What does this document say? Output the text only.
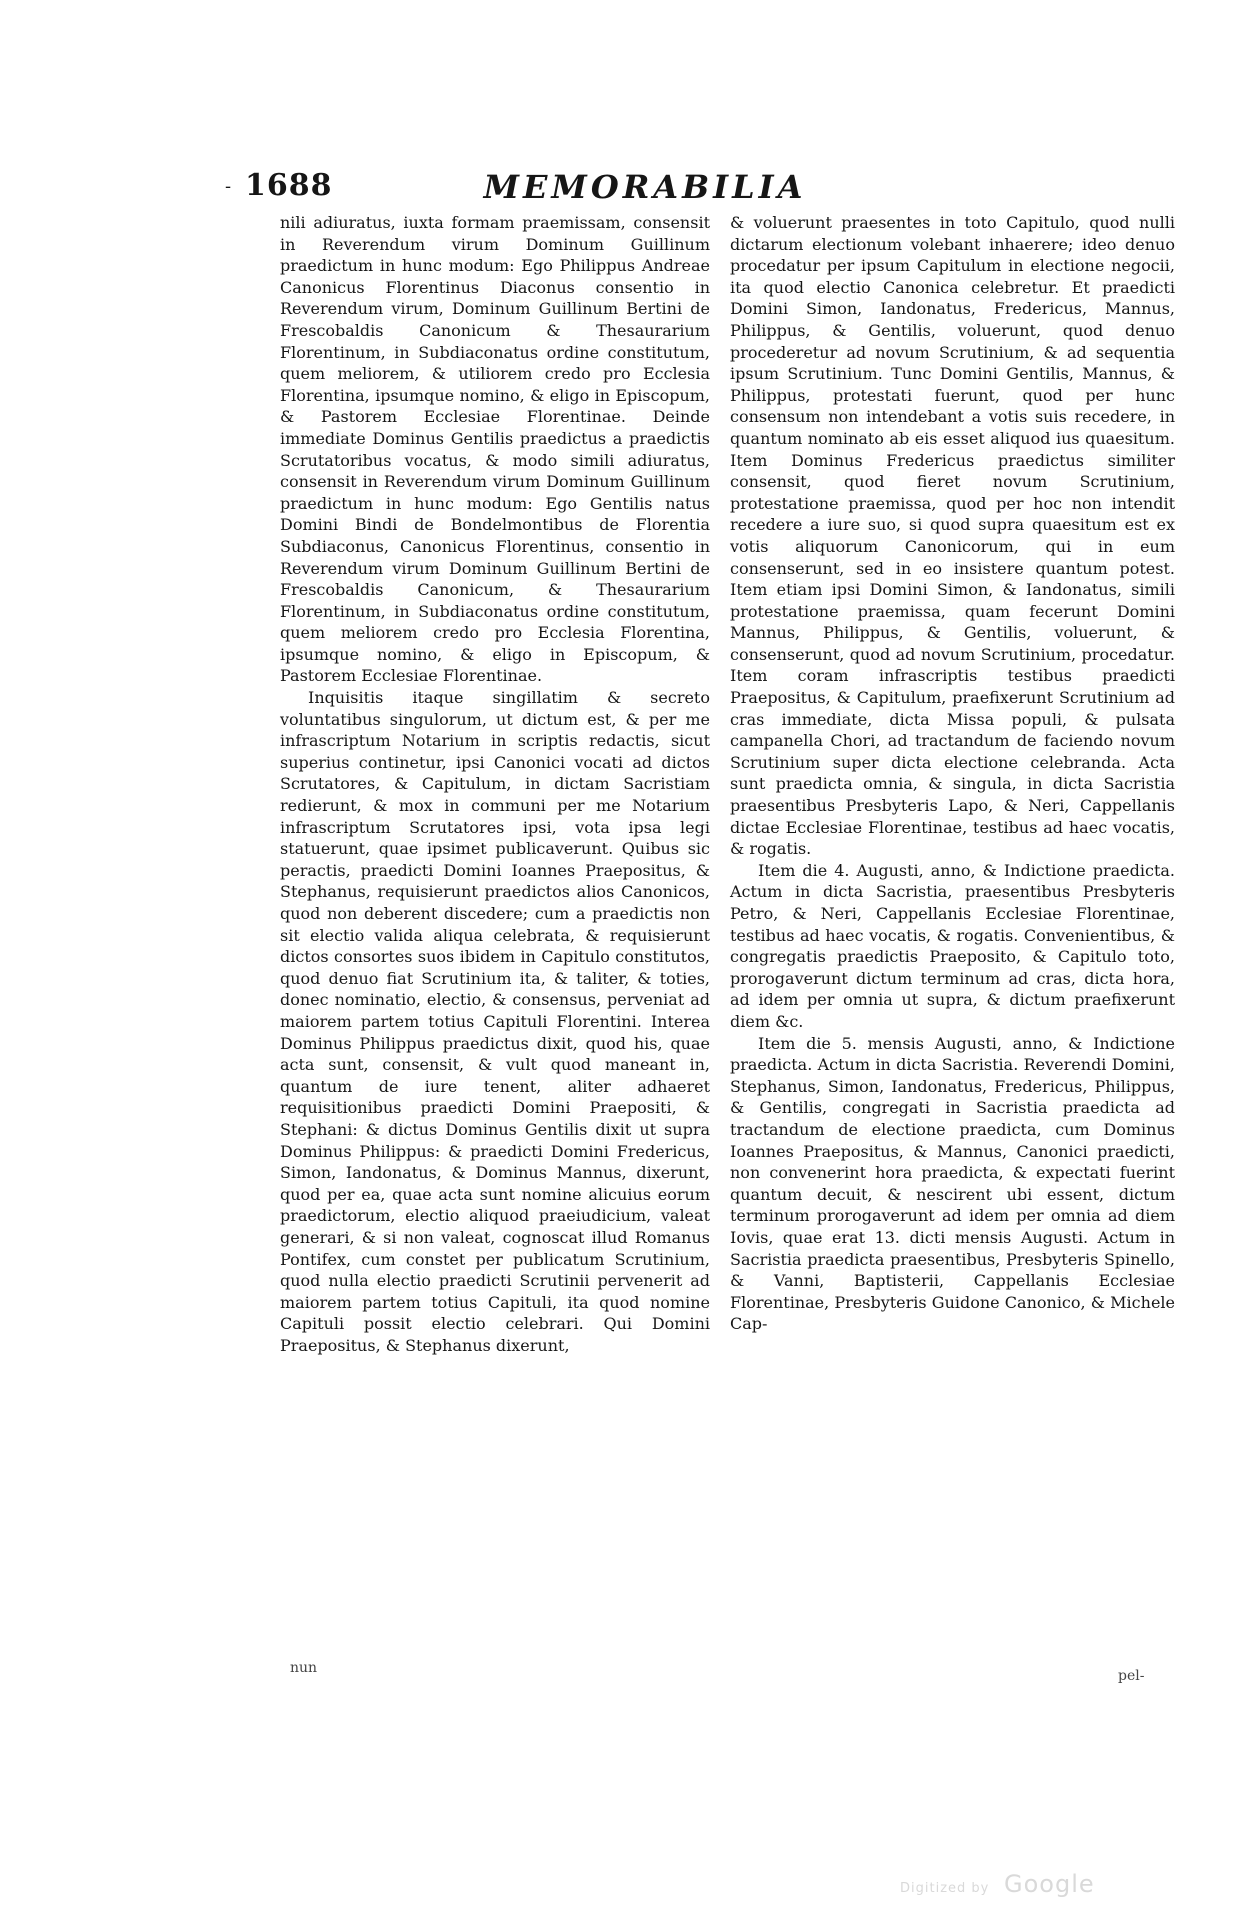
- 1688	MEMORABILIA

nili adiuratus, iuxta formam praemissam, consensit in Reverendum virum Dominum Guillinum praedictum in hunc modum: Ego Philippus Andreae Canonicus Florentinus Diaconus consentio in Reverendum virum, Dominum Guillinum Bertini de Frescobaldis Canonicum & Thesaurarium Florentinum, in Subdiaconatus ordine constitutum, quem meliorem, & utiliorem credo pro Ecclesia Florentina, ipsumque nomino, & eligo in Episcopum, & Pastorem Ecclesiae Florentinae. Deinde immediate Dominus Gentilis praedictus a praedictis Scrutatoribus vocatus, & modo simili adiuratus, consensit in Reverendum virum Dominum Guillinum praedictum in hunc modum: Ego Gentilis natus Domini Bindi de Bondelmontibus de Florentia Subdiaconus, Canonicus Florentinus, consentio in Reverendum virum Dominum Guillinum Bertini de Frescobaldis Canonicum, & Thesaurarium Florentinum, in Subdiaconatus ordine constitutum, quem meliorem credo pro Ecclesia Florentina, ipsumque nomino, & eligo in Episcopum, & Pastorem Ecclesiae Florentinae.

Inquisitis itaque singillatim & secreto voluntatibus singulorum, ut dictum est, & per me infrascriptum Notarium in scriptis redactis, sicut superius continetur, ipsi Canonici vocati ad dictos Scrutatores, & Capitulum, in dictam Sacristiam redierunt, & mox in communi per me Notarium infrascriptum Scrutatores ipsi, vota ipsa legi statuerunt, quae ipsimet publicaverunt. Quibus sic peractis, praedicti Domini Ioannes Praepositus, & Stephanus, requisierunt praedictos alios Canonicos, quod non deberent discedere; cum a praedictis non sit electio valida aliqua celebrata, & requisierunt dictos consortes suos ibidem in Capitulo constitutos, quod denuo fiat Scrutinium ita, & taliter, & toties, donec nominatio, electio, & consensus, perveniat ad maiorem partem totius Capituli Florentini. Interea Dominus Philippus praedictus dixit, quod his, quae acta sunt, consensit, & vult quod maneant in, quantum de iure tenent, aliter adhaeret requisitionibus praedicti Domini Praepositi, & Stephani: & dictus Dominus Gentilis dixit ut supra Dominus Philippus: & praedicti Domini Fredericus, Simon, Iandonatus, & Dominus Mannus, dixerunt, quod per ea, quae acta sunt nomine alicuius eorum praedictorum, electio aliquod praeiudicium, valeat generari, & si non valeat, cognoscat illud Romanus Pontifex, cum constet per publicatum Scrutinium, quod nulla electio praedicti Scrutinii pervenerit ad maiorem partem totius Capituli, ita quod nomine Capituli possit electio celebrari. Qui Domini Praepositus, & Stephanus dixerunt,

& voluerunt praesentes in toto Capitulo, quod nulli dictarum electionum volebant inhaerere; ideo denuo procedatur per ipsum Capitulum in electione negocii, ita quod electio Canonica celebretur. Et praedicti Domini Simon, Iandonatus, Fredericus, Mannus, Philippus, & Gentilis, voluerunt, quod denuo procederetur ad novum Scrutinium, & ad sequentia ipsum Scrutinium. Tunc Domini Gentilis, Mannus, & Philippus, protestati fuerunt, quod per hunc consensum non intendebant a votis suis recedere, in quantum nominato ab eis esset aliquod ius quaesitum. Item Dominus Fredericus praedictus similiter consensit, quod fieret novum Scrutinium, protestatione praemissa, quod per hoc non intendit recedere a iure suo, si quod supra quaesitum est ex votis aliquorum Canonicorum, qui in eum consenserunt, sed in eo insistere quantum potest. Item etiam ipsi Domini Simon, & Iandonatus, simili protestatione praemissa, quam fecerunt Domini Mannus, Philippus, & Gentilis, voluerunt, & consenserunt, quod ad novum Scrutinium, procedatur. Item coram infrascriptis testibus praedicti Praepositus, & Capitulum, praefixerunt Scrutinium ad cras immediate, dicta Missa populi, & pulsata campanella Chori, ad tractandum de faciendo novum Scrutinium super dicta electione celebranda. Acta sunt praedicta omnia, & singula, in dicta Sacristia praesentibus Presbyteris Lapo, & Neri, Cappellanis dictae Ecclesiae Florentinae, testibus ad haec vocatis, & rogatis.

Item die 4. Augusti, anno, & Indictione praedicta. Actum in dicta Sacristia, praesentibus Presbyteris Petro, & Neri, Cappellanis Ecclesiae Florentinae, testibus ad haec vocatis, & rogatis. Convenientibus, & congregatis praedictis Praeposito, & Capitulo toto, prorogaverunt dictum terminum ad cras, dicta hora, ad idem per omnia ut supra, & dictum praefixerunt diem &c.

Item die 5. mensis Augusti, anno, & Indictione praedicta. Actum in dicta Sacristia. Reverendi Domini, Stephanus, Simon, Iandonatus, Fredericus, Philippus, & Gentilis, congregati in Sacristia praedicta ad tractandum de electione praedicta, cum Dominus Ioannes Praepositus, & Mannus, Canonici praedicti, non convenerint hora praedicta, & expectati fuerint quantum decuit, & nescirent ubi essent, dictum terminum prorogaverunt ad idem per omnia ad diem Iovis, quae erat 13. dicti mensis Augusti. Actum in Sacristia praedicta praesentibus, Presbyteris Spinello, & Vanni, Baptisterii, Cappellanis Ecclesiae Florentinae, Presbyteris Guidone Canonico, & Michele Cap-

nun	pel-
Digitized by Google
